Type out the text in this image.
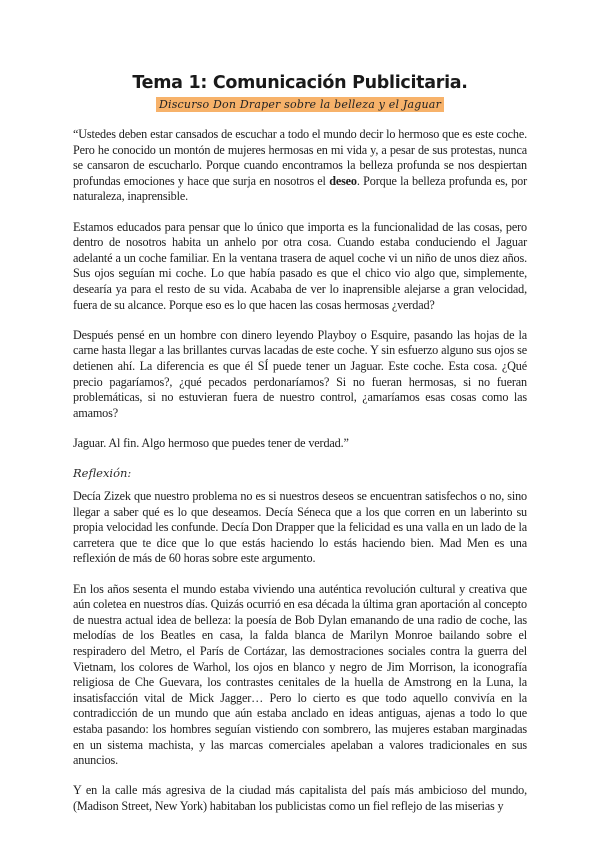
Tema 1: Comunicación Publicitaria.
Discurso Don Draper sobre la belleza y el Jaguar

“Ustedes deben estar cansados de escuchar a todo el mundo decir lo hermoso que es este coche. Pero he conocido un montón de mujeres hermosas en mi vida y, a pesar de sus protestas, nunca se cansaron de escucharlo. Porque cuando encontramos la belleza profunda se nos despiertan profundas emociones y hace que surja en nosotros el deseo. Porque la belleza profunda es, por naturaleza, inaprensible.

Estamos educados para pensar que lo único que importa es la funcionalidad de las cosas, pero dentro de nosotros habita un anhelo por otra cosa. Cuando estaba conduciendo el Jaguar adelanté a un coche familiar. En la ventana trasera de aquel coche vi un niño de unos diez años. Sus ojos seguían mi coche. Lo que había pasado es que el chico vio algo que, simplemente, desearía ya para el resto de su vida. Acababa de ver lo inaprensible alejarse a gran velocidad, fuera de su alcance. Porque eso es lo que hacen las cosas hermosas ¿verdad?

Después pensé en un hombre con dinero leyendo Playboy o Esquire, pasando las hojas de la carne hasta llegar a las brillantes curvas lacadas de este coche. Y sin esfuerzo alguno sus ojos se detienen ahí. La diferencia es que él SÍ puede tener un Jaguar. Este coche. Esta cosa. ¿Qué precio pagaríamos?, ¿qué pecados perdonaríamos? Si no fueran hermosas, si no fueran problemáticas, si no estuvieran fuera de nuestro control, ¿amaríamos esas cosas como las amamos?

Jaguar. Al fin. Algo hermoso que puedes tener de verdad.”

Reflexión:

Decía Zizek que nuestro problema no es si nuestros deseos se encuentran satisfechos o no, sino llegar a saber qué es lo que deseamos. Decía Séneca que a los que corren en un laberinto su propia velocidad les confunde. Decía Don Drapper que la felicidad es una valla en un lado de la carretera que te dice que lo que estás haciendo lo estás haciendo bien. Mad Men es una reflexión de más de 60 horas sobre este argumento.

En los años sesenta el mundo estaba viviendo una auténtica revolución cultural y creativa que aún coletea en nuestros días. Quizás ocurrió en esa década la última gran aportación al concepto de nuestra actual idea de belleza: la poesía de Bob Dylan emanando de una radio de coche, las melodías de los Beatles en casa, la falda blanca de Marilyn Monroe bailando sobre el respiradero del Metro, el París de Cortázar, las demostraciones sociales contra la guerra del Vietnam, los colores de Warhol, los ojos en blanco y negro de Jim Morrison, la iconografía religiosa de Che Guevara, los contrastes cenitales de la huella de Amstrong en la Luna, la insatisfacción vital de Mick Jagger… Pero lo cierto es que todo aquello convivía en la contradicción de un mundo que aún estaba anclado en ideas antiguas, ajenas a todo lo que estaba pasando: los hombres seguían vistiendo con sombrero, las mujeres estaban marginadas en un sistema machista, y las marcas comerciales apelaban a valores tradicionales en sus anuncios.

Y en la calle más agresiva de la ciudad más capitalista del país más ambicioso del mundo, (Madison Street, New York) habitaban los publicistas como un fiel reflejo de las miserias y
